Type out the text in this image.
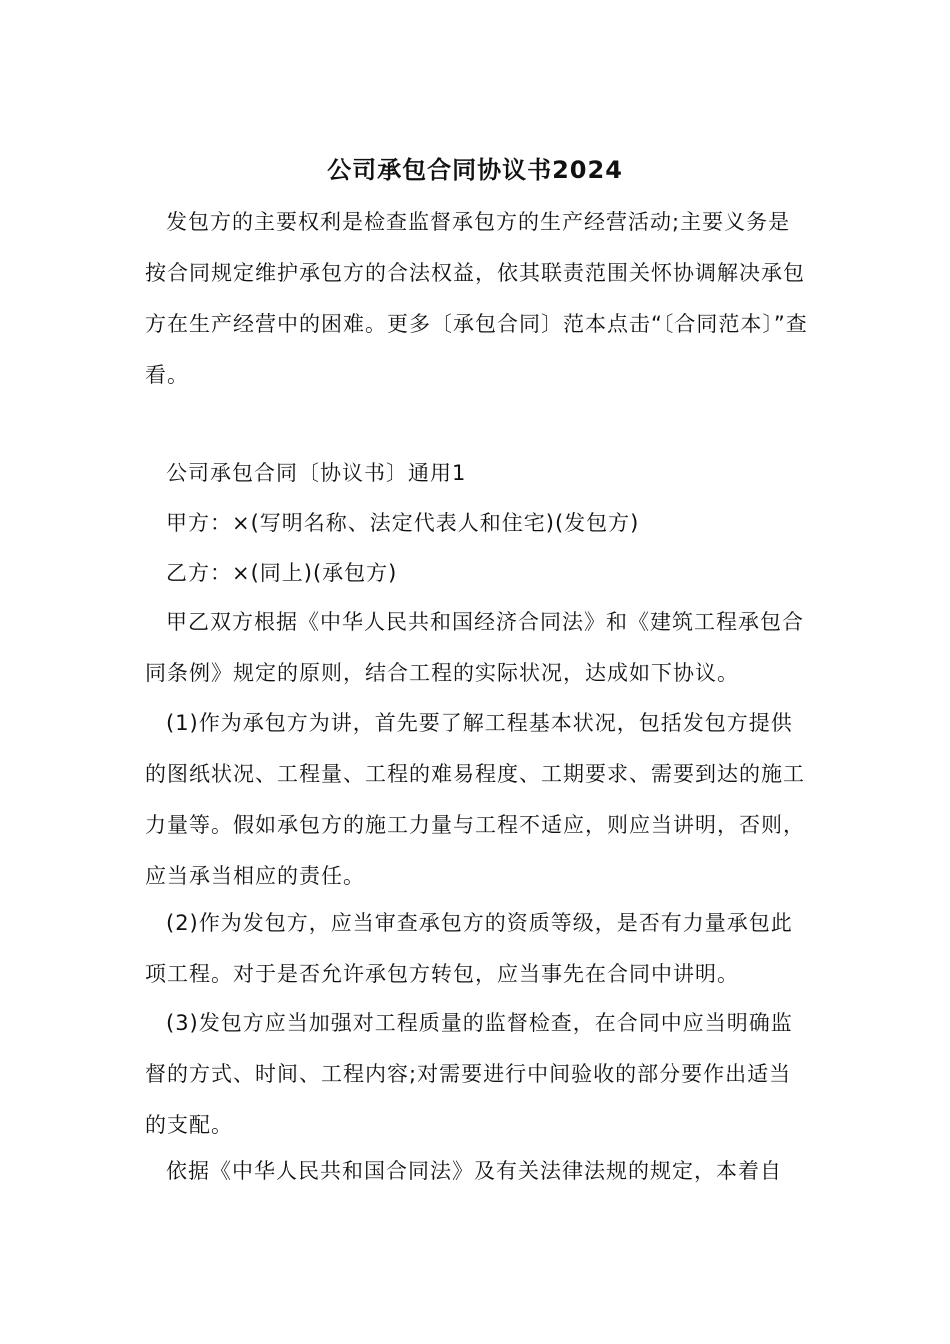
公司承包合同协议书2024

发包方的主要权利是检查监督承包方的生产经营活动;主要义务是按合同规定维护承包方的合法权益，依其联责范围关怀协调解决承包方在生产经营中的困难。更多〔承包合同〕范本点击“〔合同范本〕”查看。

公司承包合同〔协议书〕通用1

甲方：×(写明名称、法定代表人和住宅)(发包方)

乙方：×(同上)(承包方)

甲乙双方根据《中华人民共和国经济合同法》和《建筑工程承包合同条例》规定的原则，结合工程的实际状况，达成如下协议。

(1)作为承包方为讲，首先要了解工程基本状况，包括发包方提供的图纸状况、工程量、工程的难易程度、工期要求、需要到达的施工力量等。假如承包方的施工力量与工程不适应，则应当讲明，否则，应当承当相应的责任。

(2)作为发包方，应当审查承包方的资质等级，是否有力量承包此项工程。对于是否允许承包方转包，应当事先在合同中讲明。

(3)发包方应当加强对工程质量的监督检查，在合同中应当明确监督的方式、时间、工程内容;对需要进行中间验收的部分要作出适当的支配。

依据《中华人民共和国合同法》及有关法律法规的规定，本着自
